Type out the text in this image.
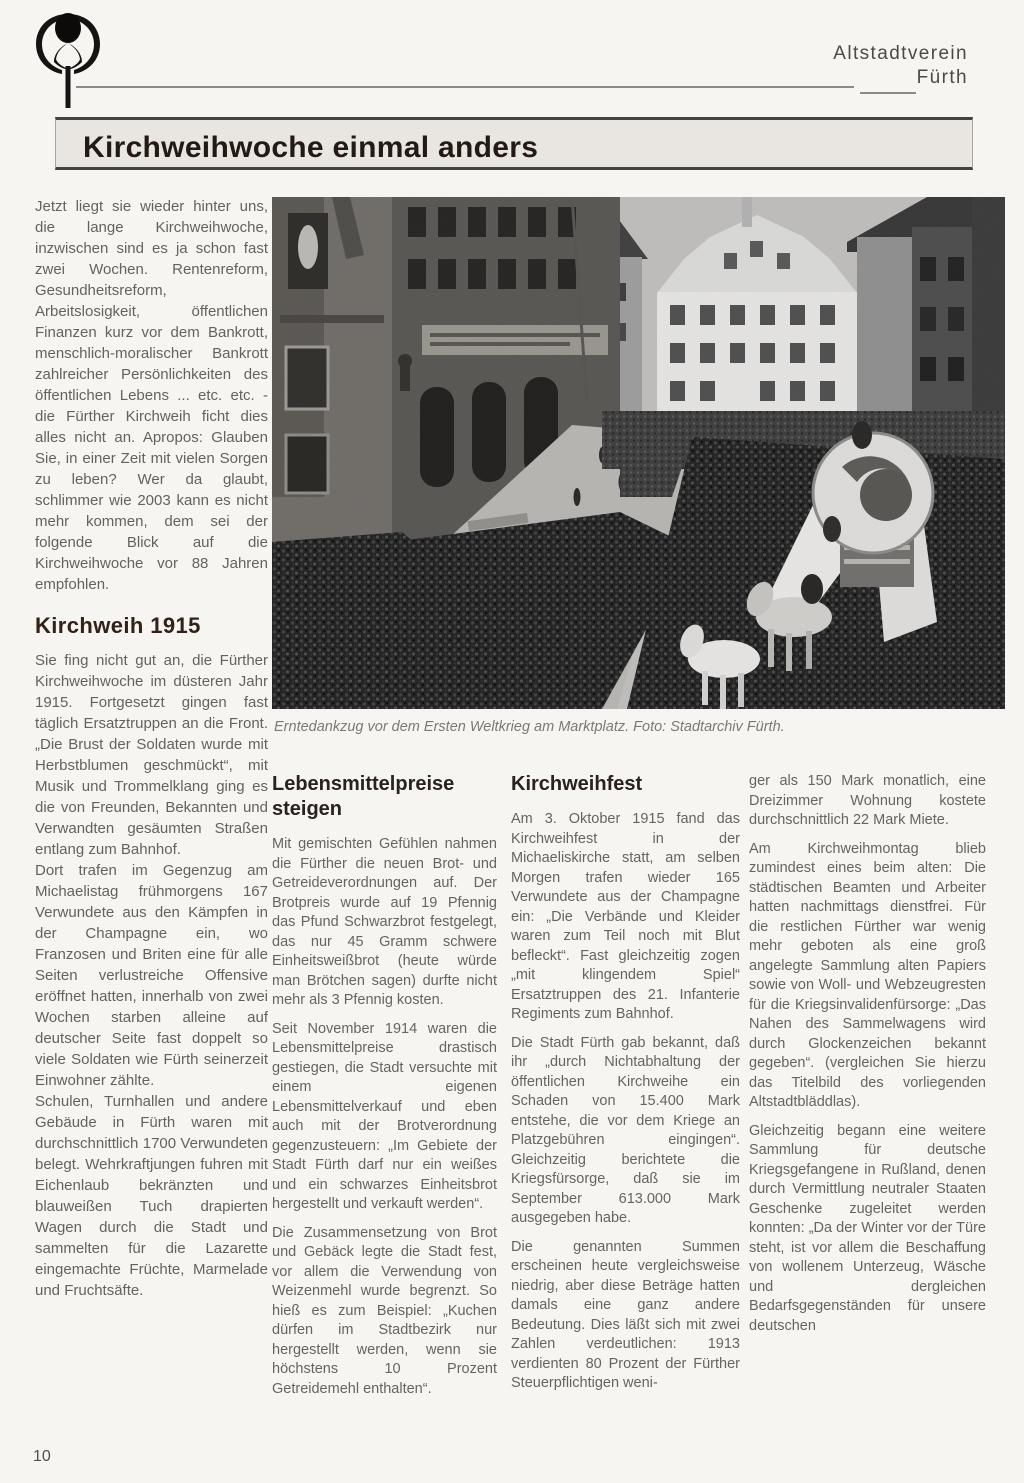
Altstadtverein
Fürth
Kirchweihwoche einmal anders

Jetzt liegt sie wieder hinter uns, die lange Kirchweihwoche, inzwischen sind es ja schon fast zwei Wochen. Rentenreform, Gesundheitsreform, Arbeitslosigkeit, öffentlichen Finanzen kurz vor dem Bankrott, menschlich-moralischer Bankrott zahlreicher Persönlichkeiten des öffentlichen Lebens ... etc. etc. - die Fürther Kirchweih ficht dies alles nicht an. Apropos: Glauben Sie, in einer Zeit mit vielen Sorgen zu leben? Wer da glaubt, schlimmer wie 2003 kann es nicht mehr kommen, dem sei der folgende Blick auf die Kirchweihwoche vor 88 Jahren empfohlen.

Kirchweih 1915

Sie fing nicht gut an, die Fürther Kirchweihwoche im düsteren Jahr 1915. Fortgesetzt gingen fast täglich Ersatztruppen an die Front. „Die Brust der Soldaten wurde mit Herbstblumen geschmückt“, mit Musik und Trommelklang ging es die von Freunden, Bekannten und Verwandten gesäumten Straßen entlang zum Bahnhof.

Dort trafen im Gegenzug am Michaelistag frühmorgens 167 Verwundete aus den Kämpfen in der Champagne ein, wo Franzosen und Briten eine für alle Seiten verlustreiche Offensive eröffnet hatten, innerhalb von zwei Wochen starben alleine auf deutscher Seite fast doppelt so viele Soldaten wie Fürth seinerzeit Einwohner zählte.

Schulen, Turnhallen und andere Gebäude in Fürth waren mit durchschnittlich 1700 Verwundeten belegt. Wehrkraftjungen fuhren mit Eichenlaub bekränzten und blauweißen Tuch drapierten Wagen durch die Stadt und sammelten für die Lazarette eingemachte Früchte, Marmelade und Fruchtsäfte.

Erntedankzug vor dem Ersten Weltkrieg am Marktplatz. Foto: Stadtarchiv Fürth.
Lebensmittelpreise steigen

Mit gemischten Gefühlen nahmen die Fürther die neuen Brot- und Getreideverordnungen auf. Der Brotpreis wurde auf 19 Pfennig das Pfund Schwarzbrot festgelegt, das nur 45 Gramm schwere Einheitsweißbrot (heute würde man Brötchen sagen) durfte nicht mehr als 3 Pfennig kosten.

Seit November 1914 waren die Lebensmittelpreise drastisch gestiegen, die Stadt versuchte mit einem eigenen Lebensmittelverkauf und eben auch mit der Brotverordnung gegenzusteuern: „Im Gebiete der Stadt Fürth darf nur ein weißes und ein schwarzes Einheitsbrot hergestellt und verkauft werden“.

Die Zusammensetzung von Brot und Gebäck legte die Stadt fest, vor allem die Verwendung von Weizenmehl wurde begrenzt. So hieß es zum Beispiel: „Kuchen dürfen im Stadtbezirk nur hergestellt werden, wenn sie höchstens 10 Prozent Getreidemehl enthalten“.

Kirchweihfest

Am 3. Oktober 1915 fand das Kirchweihfest in der Michaeliskirche statt, am selben Morgen trafen wieder 165 Verwundete aus der Champagne ein: „Die Verbände und Kleider waren zum Teil noch mit Blut befleckt“. Fast gleichzeitig zogen „mit klingendem Spiel“ Ersatztruppen des 21. Infanterie Regiments zum Bahnhof.

Die Stadt Fürth gab bekannt, daß ihr „durch Nichtabhaltung der öffentlichen Kirchweihe ein Schaden von 15.400 Mark entstehe, die vor dem Kriege an Platzgebühren eingingen“. Gleichzeitig berichtete die Kriegsfürsorge, daß sie im September 613.000 Mark ausgegeben habe.

Die genannten Summen erscheinen heute vergleichsweise niedrig, aber diese Beträge hatten damals eine ganz andere Bedeutung. Dies läßt sich mit zwei Zahlen verdeutlichen: 1913 verdienten 80 Prozent der Fürther Steuerpflichtigen weni-

ger als 150 Mark monatlich, eine Dreizimmer Wohnung kostete durchschnittlich 22 Mark Miete.

Am Kirchweihmontag blieb zumindest eines beim alten: Die städtischen Beamten und Arbeiter hatten nachmittags dienstfrei. Für die restlichen Fürther war wenig mehr geboten als eine groß angelegte Sammlung alten Papiers sowie von Woll- und Webzeugresten für die Kriegsinvalidenfürsorge: „Das Nahen des Sammelwagens wird durch Glockenzeichen bekannt gegeben“. (vergleichen Sie hierzu das Titelbild des vorliegenden Altstadtbläddlas).

Gleichzeitig begann eine weitere Sammlung für deutsche Kriegsgefangene in Rußland, denen durch Vermittlung neutraler Staaten Geschenke zugeleitet werden konnten: „Da der Winter vor der Türe steht, ist vor allem die Beschaffung von wollenem Unterzeug, Wäsche und dergleichen Bedarfsgegenständen für unsere deutschen

10
